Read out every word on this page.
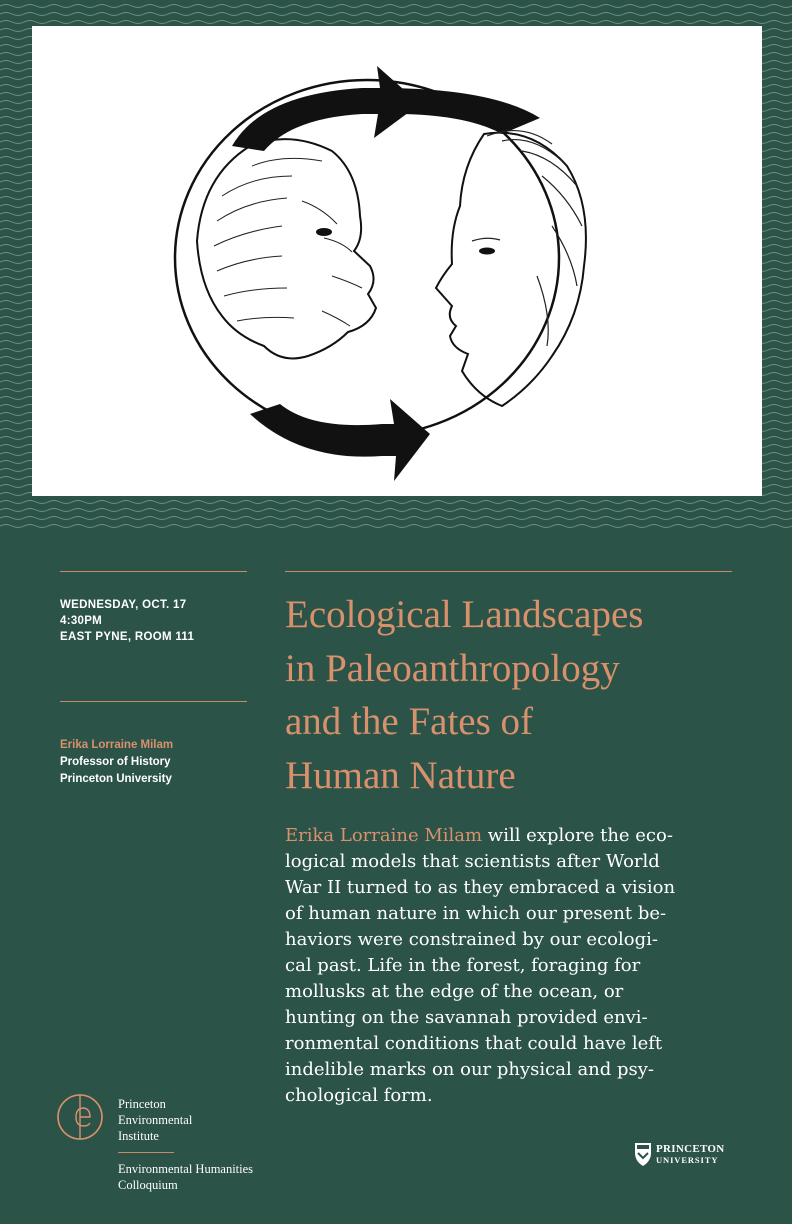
WEDNESDAY, OCT. 17
4:30PM
EAST PYNE, ROOM 111
Erika Lorraine Milam
Professor of History
Princeton University
Ecological Landscapes
in Paleoanthropology
and the Fates of
Human Nature
Erika Lorraine Milam will explore the eco-
logical models that scientists after World
War II turned to as they embraced a vision
of human nature in which our present be-
haviors were constrained by our ecologi-
cal past. Life in the forest, foraging for
mollusks at the edge of the ocean, or
hunting on the savannah provided envi-
ronmental conditions that could have left
indelible marks on our physical and psy-
chological form.
Princeton
Environmental
Institute
Environmental Humanities
Colloquium
PRINCETON
UNIVERSITY
